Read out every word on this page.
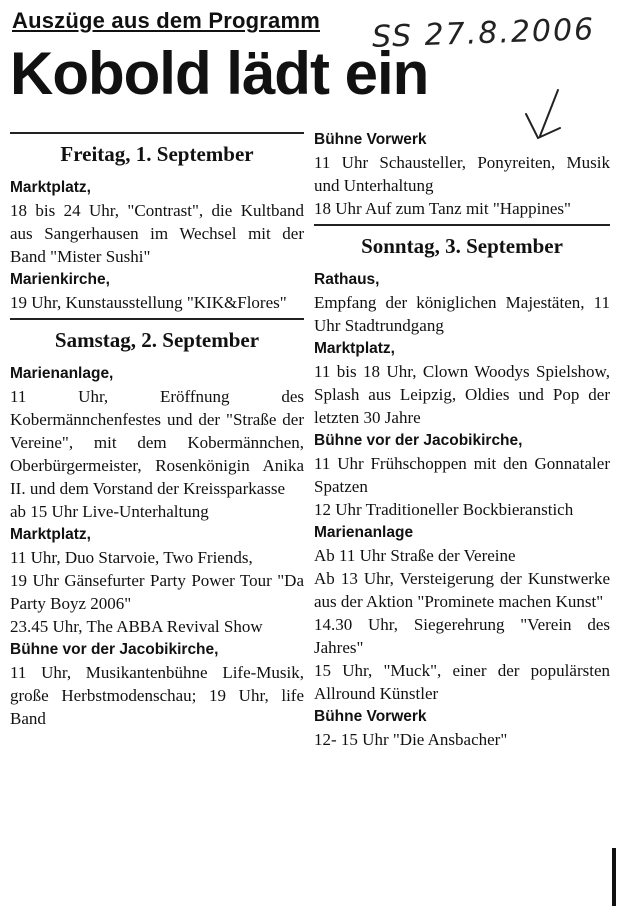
Auszüge aus dem Programm SS 27.8.2006
Kobold lädt ein
Freitag, 1. September
Marktplatz,
18 bis 24 Uhr, "Contrast", die Kultband aus Sangerhausen im Wechsel mit der Band "Mister Sushi"
Marienkirche,
19 Uhr, Kunstausstellung "KIK&Flores"
Samstag, 2. September
Marienanlage,
11 Uhr, Eröffnung des Kobermännchenfestes und der "Straße der Vereine", mit dem Kobermännchen, Oberbürgermeister, Rosenkönigin Anika II. und dem Vorstand der Kreissparkasse
ab 15 Uhr Live-Unterhaltung
Marktplatz,
11 Uhr, Duo Starvoie, Two Friends,
19 Uhr Gänsefurter Party Power Tour "Da Party Boyz 2006"
23.45 Uhr, The ABBA Revival Show
Bühne vor der Jacobikirche,
11 Uhr, Musikantenbühne Life-Musik, große Herbstmodenschau; 19 Uhr, life Band
Bühne Vorwerk
11 Uhr Schausteller, Ponyreiten, Musik und Unterhaltung
18 Uhr Auf zum Tanz mit "Happines"
Sonntag, 3. September
Rathaus,
Empfang der königlichen Majestäten, 11 Uhr Stadtrundgang
Marktplatz,
11 bis 18 Uhr, Clown Woodys Spielshow, Splash aus Leipzig, Oldies und Pop der letzten 30 Jahre
Bühne vor der Jacobikirche,
11 Uhr Frühschoppen mit den Gonnataler Spatzen
12 Uhr Traditioneller Bockbieranstich
Marienanlage
Ab 11 Uhr Straße der Vereine
Ab 13 Uhr, Versteigerung der Kunstwerke aus der Aktion "Prominete machen Kunst"
14.30 Uhr, Siegerehrung "Verein des Jahres"
15 Uhr, "Muck", einer der populärsten Allround Künstler
Bühne Vorwerk
12- 15 Uhr "Die Ansbacher"
